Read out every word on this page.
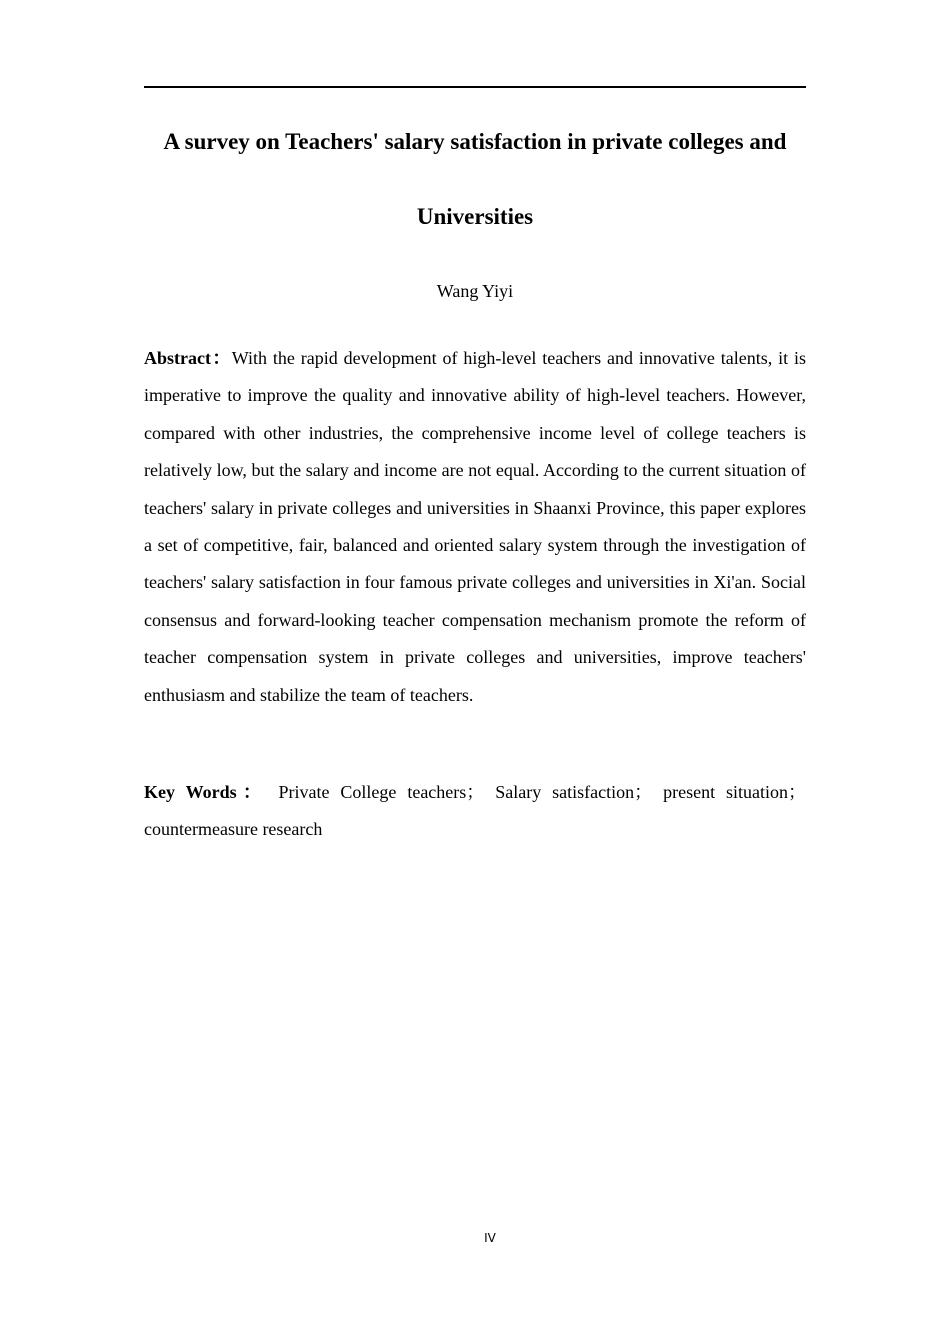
A survey on Teachers' salary satisfaction in private colleges and
Universities
Wang Yiyi

Abstract：With the rapid development of high-level teachers and innovative talents, it is imperative to improve the quality and innovative ability of high-level teachers. However, compared with other industries, the comprehensive income level of college teachers is relatively low, but the salary and income are not equal. According to the current situation of teachers' salary in private colleges and universities in Shaanxi Province, this paper explores a set of competitive, fair, balanced and oriented salary system through the investigation of teachers' salary satisfaction in four famous private colleges and universities in Xi'an. Social consensus and forward-looking teacher compensation mechanism promote the reform of teacher compensation system in private colleges and universities, improve teachers' enthusiasm and stabilize the team of teachers.

Key Words： Private College teachers； Salary satisfaction； present situation； countermeasure research

IV
